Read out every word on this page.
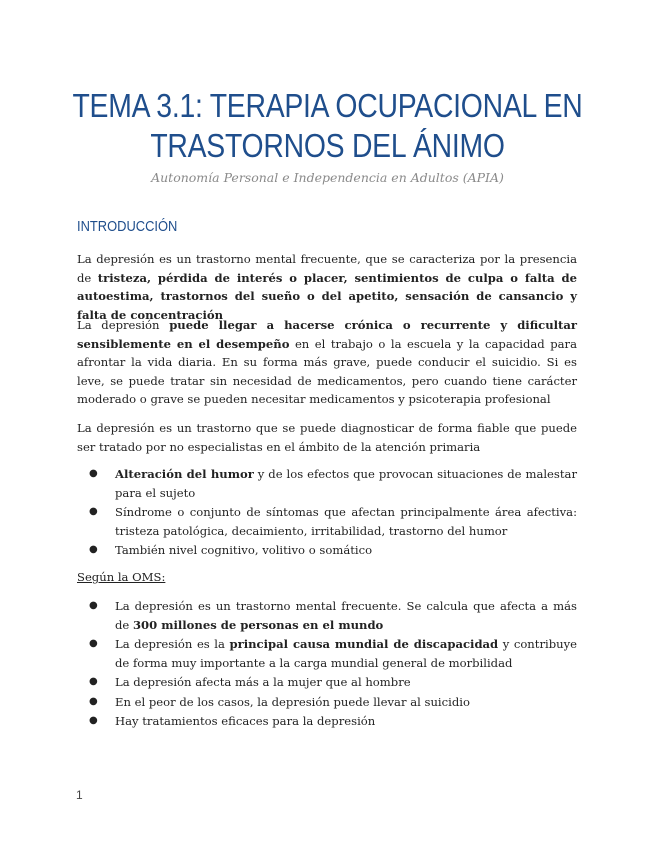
TEMA 3.1: TERAPIA OCUPACIONAL EN
TRASTORNOS DEL ÁNIMO
Autonomía Personal e Independencia en Adultos (APIA)
INTRODUCCIÓN
La depresión es un trastorno mental frecuente, que se caracteriza por la presencia de tristeza, pérdida de interés o placer, sentimientos de culpa o falta de autoestima, trastornos del sueño o del apetito, sensación de cansancio y falta de concentración
La depresión puede llegar a hacerse crónica o recurrente y dificultar sensiblemente en el desempeño en el trabajo o la escuela y la capacidad para afrontar la vida diaria. En su forma más grave, puede conducir el suicidio. Si es leve, se puede tratar sin necesidad de medicamentos, pero cuando tiene carácter moderado o grave se pueden necesitar medicamentos y psicoterapia profesional
La depresión es un trastorno que se puede diagnosticar de forma fiable que puede ser tratado por no especialistas en el ámbito de la atención primaria
● Alteración del humor y de los efectos que provocan situaciones de malestar para el sujeto
● Síndrome o conjunto de síntomas que afectan principalmente área afectiva: tristeza patológica, decaimiento, irritabilidad, trastorno del humor
● También nivel cognitivo, volitivo o somático
Según la OMS:
● La depresión es un trastorno mental frecuente. Se calcula que afecta a más de 300 millones de personas en el mundo
● La depresión es la principal causa mundial de discapacidad y contribuye de forma muy importante a la carga mundial general de morbilidad
● La depresión afecta más a la mujer que al hombre
● En el peor de los casos, la depresión puede llevar al suicidio
● Hay tratamientos eficaces para la depresión
1
